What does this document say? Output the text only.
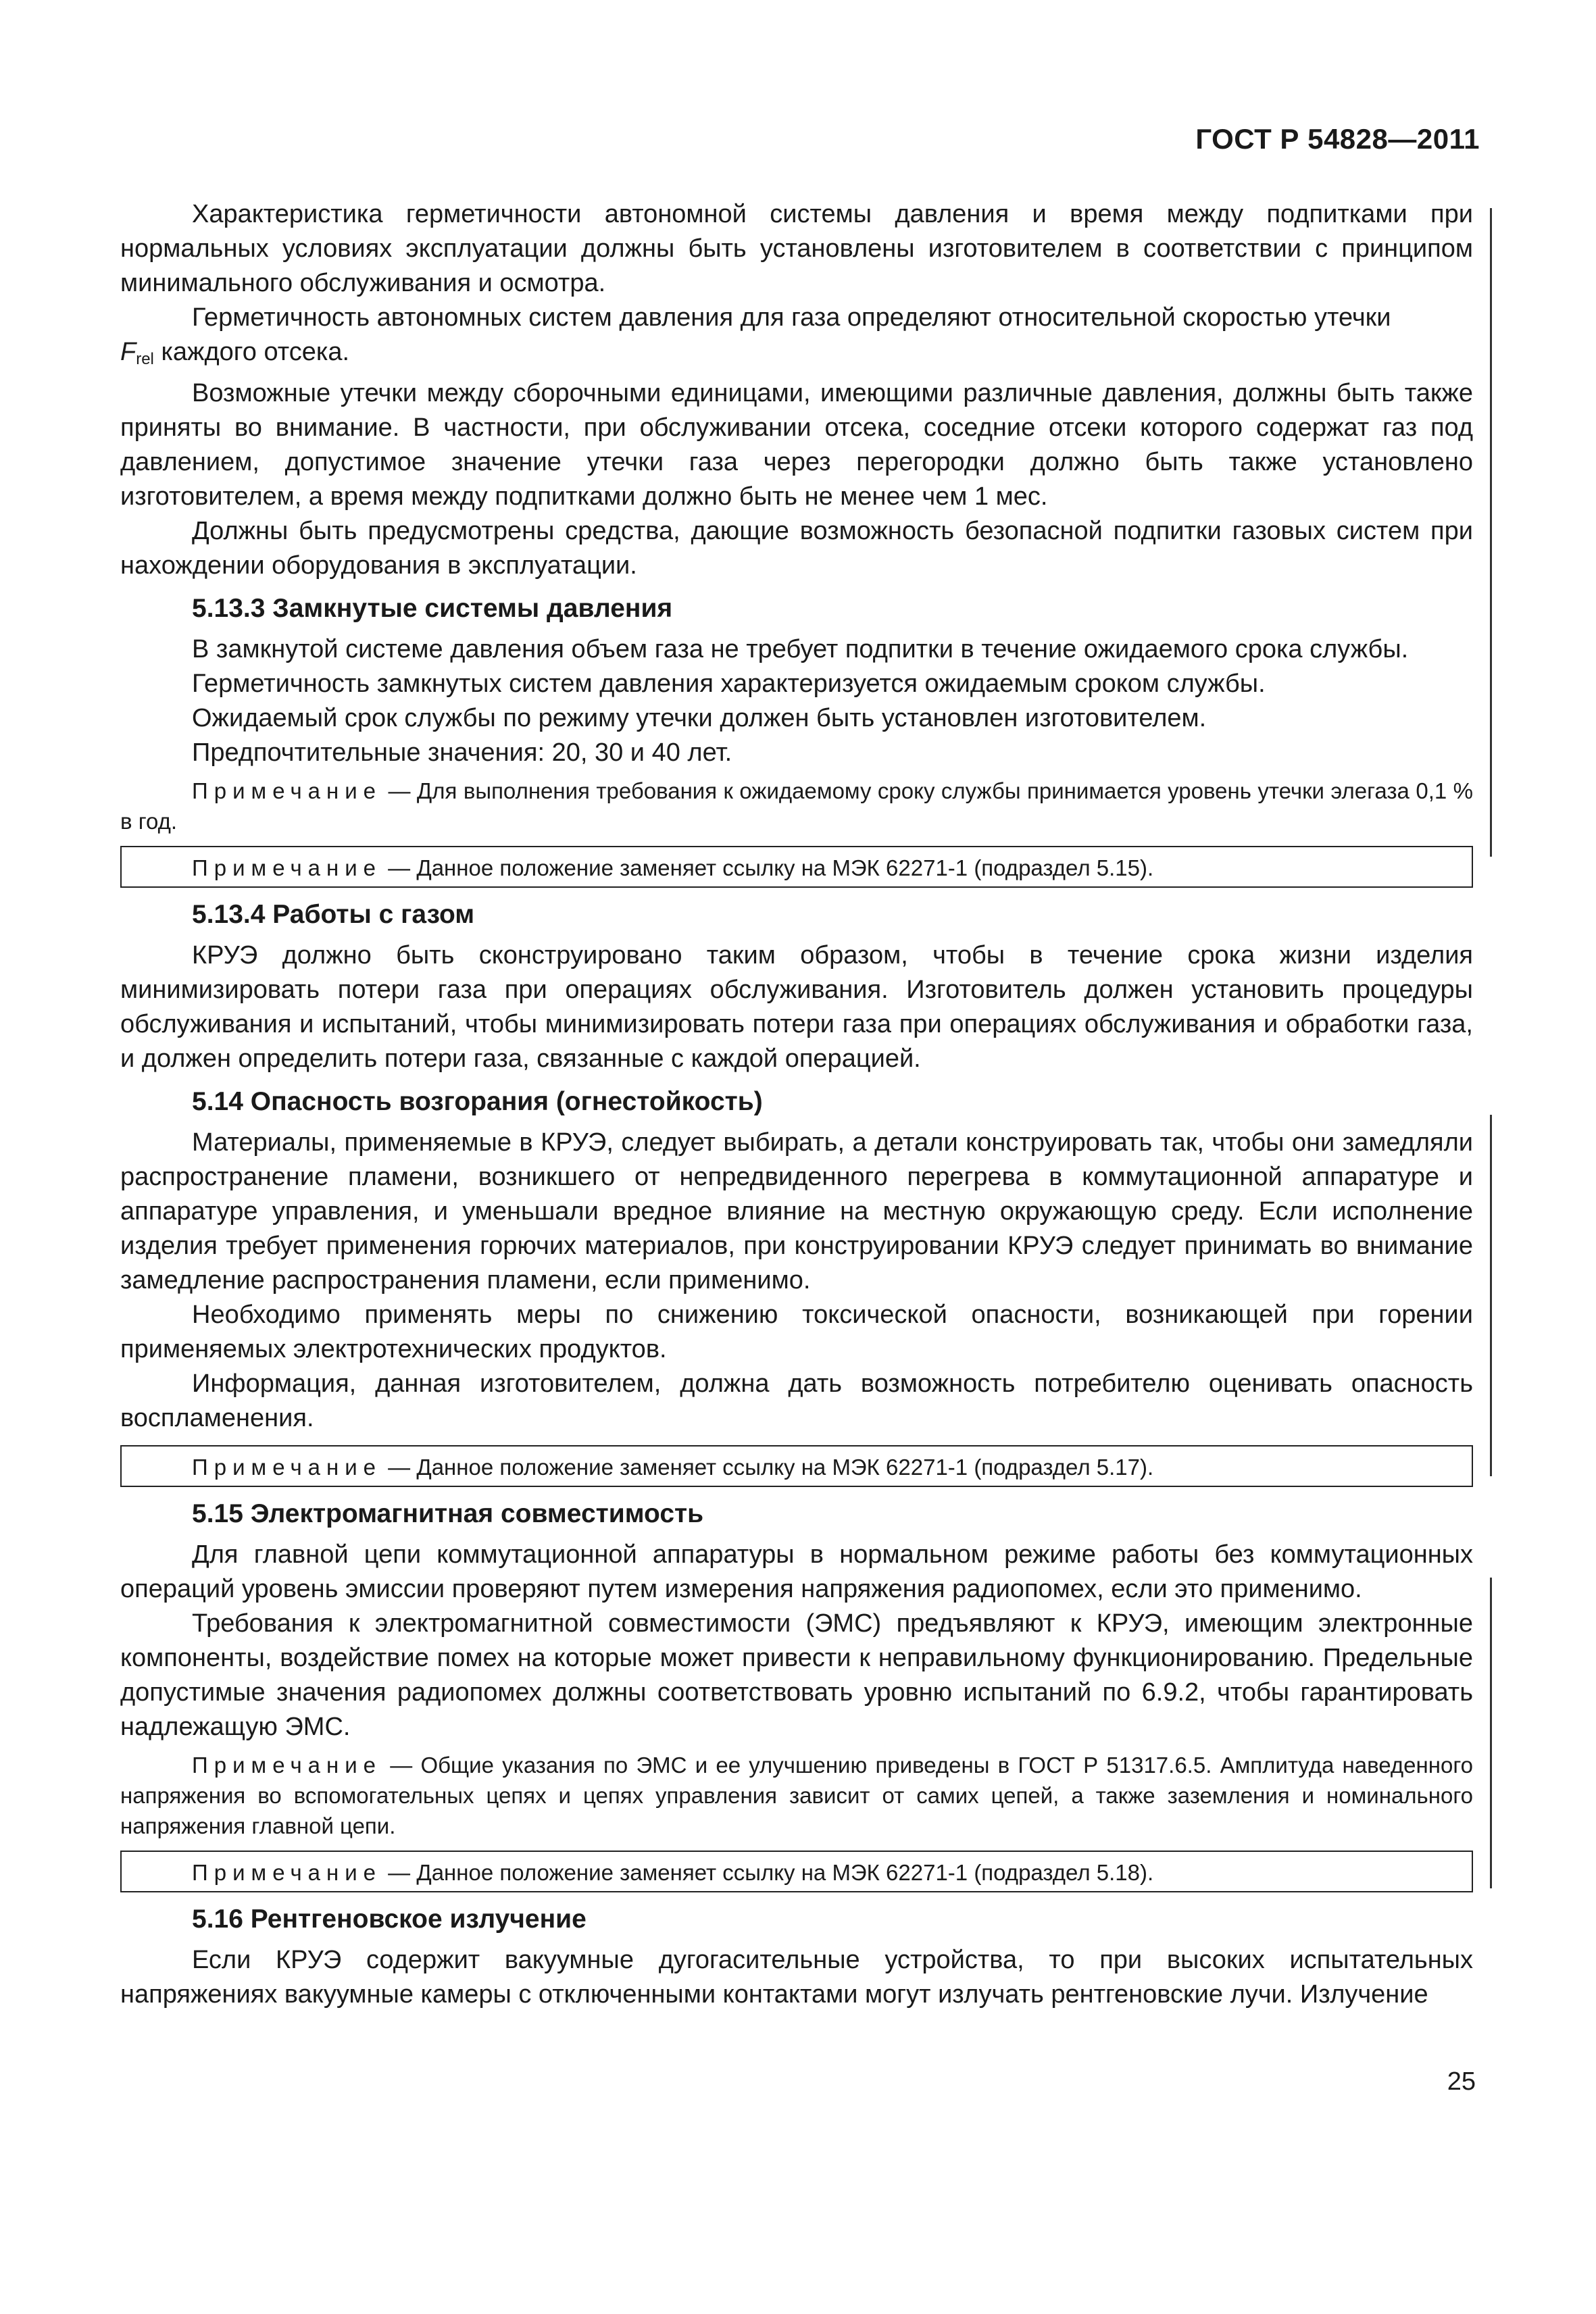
ГОСТ Р 54828—2011

Характеристика герметичности автономной системы давления и время между подпитками при нормальных условиях эксплуатации должны быть установлены изготовителем в соответствии с принципом минимального обслуживания и осмотра.

Герметичность автономных систем давления для газа определяют относительной скоростью утечки
$F_{rel}$ каждого отсека.

Возможные утечки между сборочными единицами, имеющими различные давления, должны быть также приняты во внимание. В частности, при обслуживании отсека, соседние отсеки которого содержат газ под давлением, допустимое значение утечки газа через перегородки должно быть также установлено изготовителем, а время между подпитками должно быть не менее чем 1 мес.

Должны быть предусмотрены средства, дающие возможность безопасной подпитки газовых систем при нахождении оборудования в эксплуатации.

5.13.3 Замкнутые системы давления

В замкнутой системе давления объем газа не требует подпитки в течение ожидаемого срока службы.

Герметичность замкнутых систем давления характеризуется ожидаемым сроком службы.

Ожидаемый срок службы по режиму утечки должен быть установлен изготовителем.

Предпочтительные значения: 20, 30 и 40 лет.

Примечание — Для выполнения требования к ожидаемому сроку службы принимается уровень утечки элегаза 0,1 % в год.
Примечание — Данное положение заменяет ссылку на МЭК 62271-1 (подраздел 5.15).
5.13.4 Работы с газом

КРУЭ должно быть сконструировано таким образом, чтобы в течение срока жизни изделия минимизировать потери газа при операциях обслуживания. Изготовитель должен установить процедуры обслуживания и испытаний, чтобы минимизировать потери газа при операциях обслуживания и обработки газа, и должен определить потери газа, связанные с каждой операцией.

5.14 Опасность возгорания (огнестойкость)

Материалы, применяемые в КРУЭ, следует выбирать, а детали конструировать так, чтобы они замедляли распространение пламени, возникшего от непредвиденного перегрева в коммутационной аппаратуре и аппаратуре управления, и уменьшали вредное влияние на местную окружающую среду. Если исполнение изделия требует применения горючих материалов, при конструировании КРУЭ следует принимать во внимание замедление распространения пламени, если применимо.

Необходимо применять меры по снижению токсической опасности, возникающей при горении применяемых электротехнических продуктов.

Информация, данная изготовителем, должна дать возможность потребителю оценивать опасность воспламенения.

Примечание — Данное положение заменяет ссылку на МЭК 62271-1 (подраздел 5.17).
5.15 Электромагнитная совместимость

Для главной цепи коммутационной аппаратуры в нормальном режиме работы без коммутационных операций уровень эмиссии проверяют путем измерения напряжения радиопомех, если это применимо.

Требования к электромагнитной совместимости (ЭМС) предъявляют к КРУЭ, имеющим электронные компоненты, воздействие помех на которые может привести к неправильному функционированию. Предельные допустимые значения радиопомех должны соответствовать уровню испытаний по 6.9.2, чтобы гарантировать надлежащую ЭМС.

Примечание — Общие указания по ЭМС и ее улучшению приведены в ГОСТ Р 51317.6.5. Амплитуда наведенного напряжения во вспомогательных цепях и цепях управления зависит от самих цепей, а также заземления и номинального напряжения главной цепи.
Примечание — Данное положение заменяет ссылку на МЭК 62271-1 (подраздел 5.18).
5.16 Рентгеновское излучение

Если КРУЭ содержит вакуумные дугогасительные устройства, то при высоких испытательных напряжениях вакуумные камеры с отключенными контактами могут излучать рентгеновские лучи. Излучение

25
